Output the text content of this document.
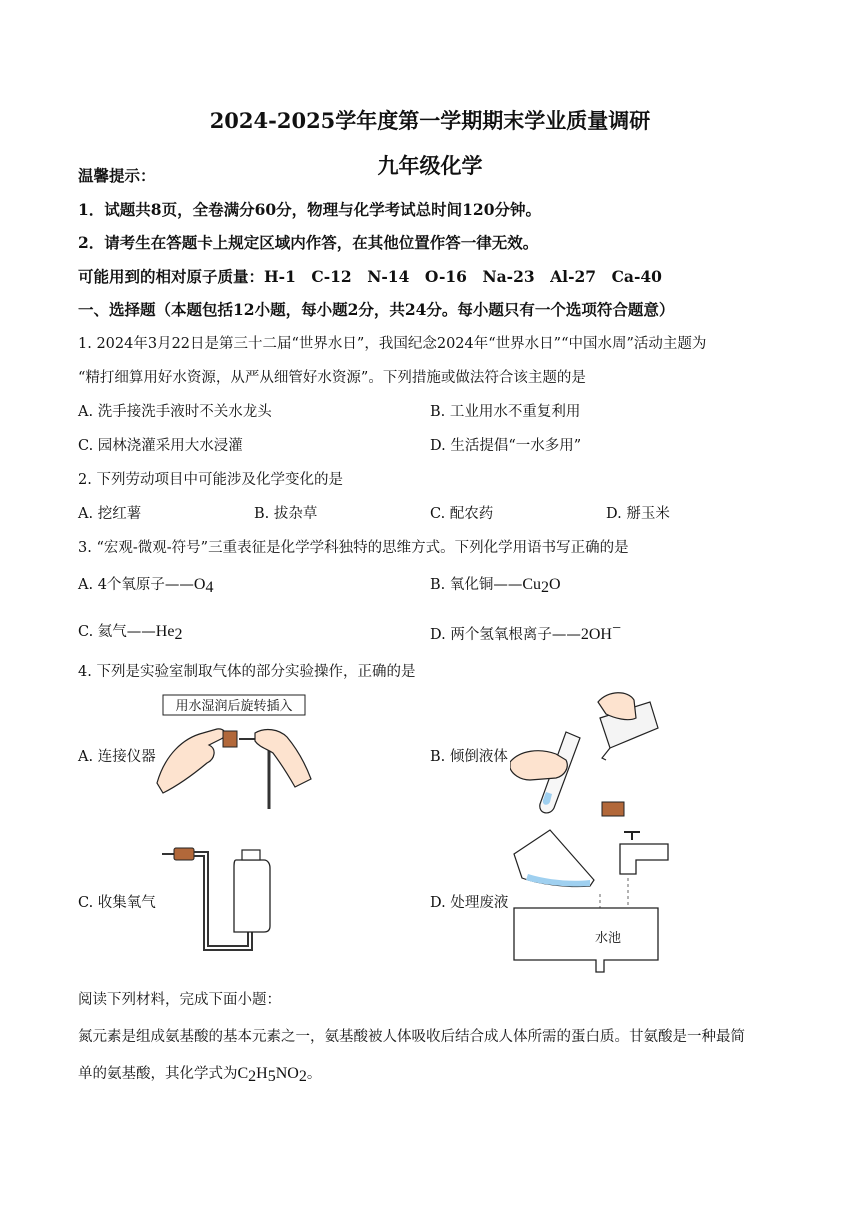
2024-2025学年度第一学期期末学业质量调研
九年级化学
温馨提示：
1．试题共8页，全卷满分60分，物理与化学考试总时间120分钟。
2．请考生在答题卡上规定区域内作答，在其他位置作答一律无效。
可能用到的相对原子质量：H-1　C-12　N-14　O-16　Na-23　Al-27　Ca-40
一、选择题（本题包括12小题，每小题2分，共24分。每小题只有一个选项符合题意）
1. 2024年3月22日是第三十二届“世界水日”，我国纪念2024年“世界水日”“中国水周”活动主题为
“精打细算用好水资源，从严从细管好水资源”。下列措施或做法符合该主题的是
A. 洗手接洗手液时不关水龙头	B. 工业用水不重复利用
C. 园林浇灌采用大水浸灌	D. 生活提倡“一水多用”
2. 下列劳动项目中可能涉及化学变化的是
A. 挖红薯	B. 拔杂草	C. 配农药	D. 掰玉米
3. “宏观-微观-符号”三重表征是化学学科独特的思维方式。下列化学用语书写正确的是
A. 4个氧原子$——O_4$	B. 氧化铜$——Cu_2O$
C. 氦气$——He_2$	D. 两个氢氧根离子——2OH−
4. 下列是实验室制取气体的部分实验操作，正确的是
A. 连接仪器	B. 倾倒液体
C. 收集氧气	D. 处理废液
用水湿润后旋转插入
水池
阅读下列材料，完成下面小题：
氮元素是组成氨基酸的基本元素之一，氨基酸被人体吸收后结合成人体所需的蛋白质。甘氨酸是一种最简
单的氨基酸，其化学式为$C_2H_5NO_2$。
